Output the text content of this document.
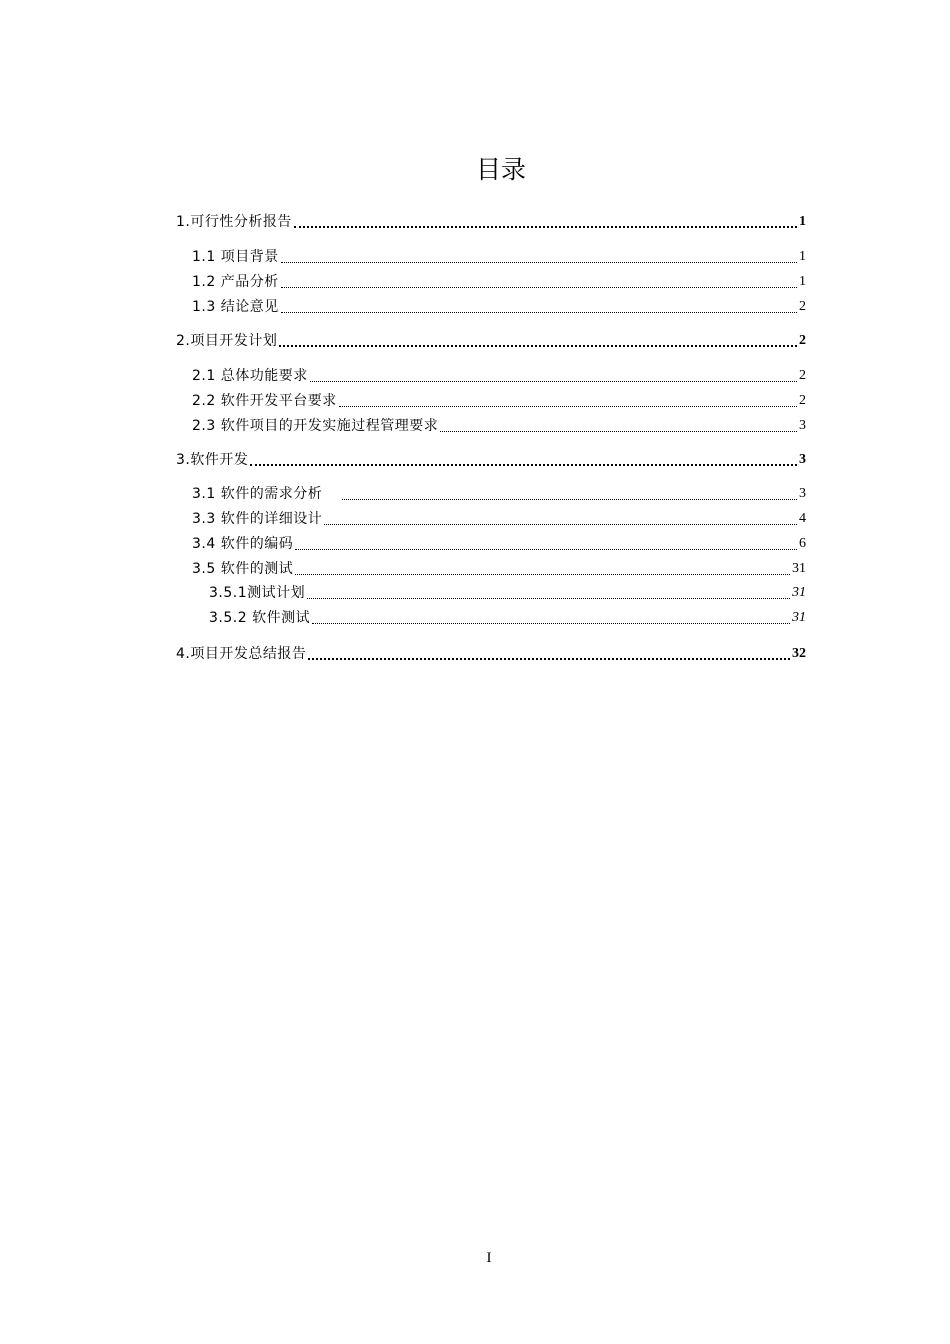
目录
1.可行性分析报告	1
1.1 项目背景	1
1.2 产品分析	1
1.3 结论意见	2
2.项目开发计划	2
2.1 总体功能要求	2
2.2 软件开发平台要求	2
2.3 软件项目的开发实施过程管理要求	3
3.软件开发	3
3.1 软件的需求分析	3
3.3 软件的详细设计	4
3.4 软件的编码	6
3.5 软件的测试	31
3.5.1测试计划	31
3.5.2 软件测试	31
4.项目开发总结报告	32
I
